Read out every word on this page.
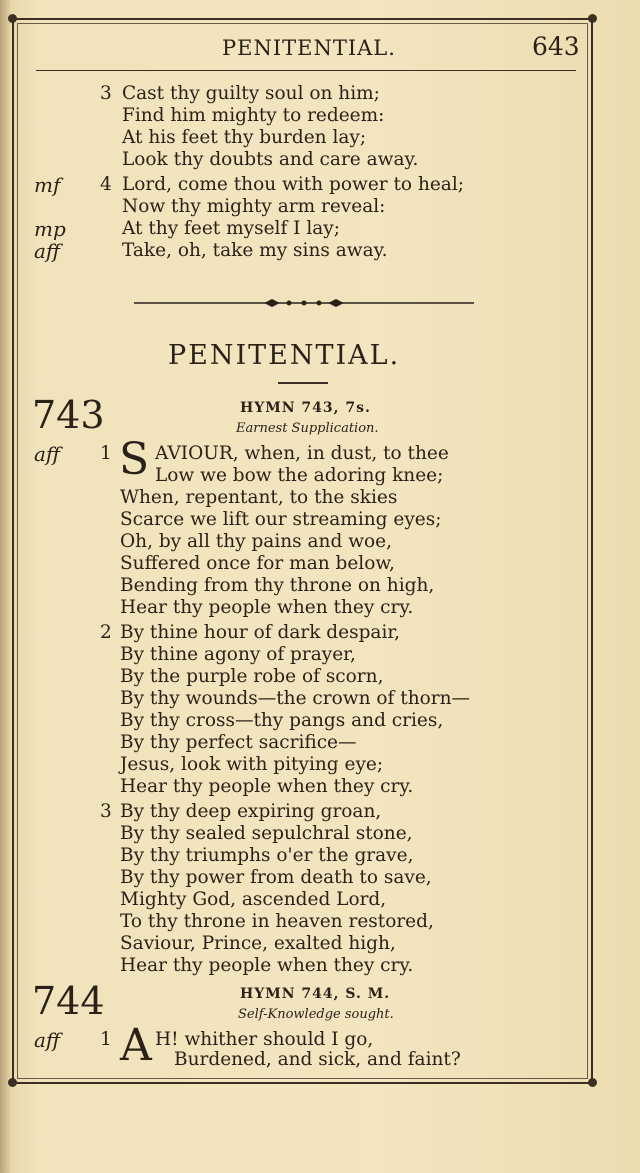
PENITENTIAL.	643
3 Cast thy guilty soul on him;
Find him mighty to redeem:
At his feet thy burden lay;
Look thy doubts and care away.
mf 4 Lord, come thou with power to heal;
Now thy mighty arm reveal:
mp	At thy feet myself I lay;
aff	Take, oh, take my sins away.
PENITENTIAL.
743	HYMN 743, 7s.
Earnest Supplication.
aff 1 S AVIOUR, when, in dust, to thee
Low we bow the adoring knee;
When, repentant, to the skies
Scarce we lift our streaming eyes;
Oh, by all thy pains and woe,
Suffered once for man below,
Bending from thy throne on high,
Hear thy people when they cry.
2 By thine hour of dark despair,
By thine agony of prayer,
By the purple robe of scorn,
By thy wounds—the crown of thorn—
By thy cross—thy pangs and cries,
By thy perfect sacrifice—
Jesus, look with pitying eye;
Hear thy people when they cry.
3 By thy deep expiring groan,
By thy sealed sepulchral stone,
By thy triumphs o'er the grave,
By thy power from death to save,
Mighty God, ascended Lord,
To thy throne in heaven restored,
Saviour, Prince, exalted high,
Hear thy people when they cry.
744	HYMN 744, S. M.
Self-Knowledge sought.
aff 1 A H! whither should I go,
Burdened, and sick, and faint?
